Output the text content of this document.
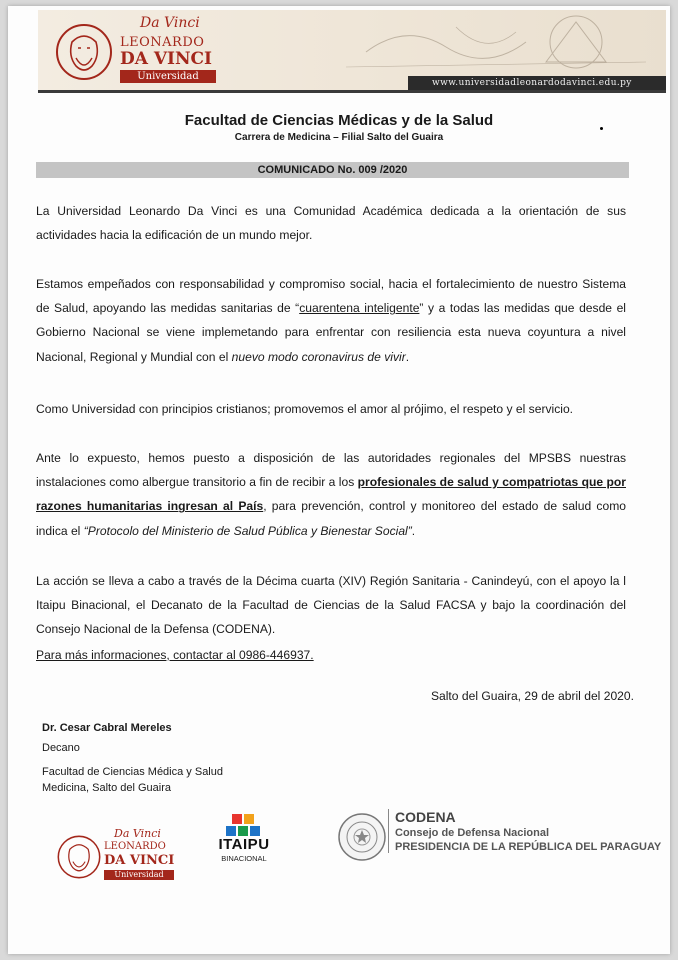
www.universidadleonardodavinci.edu.py
Da Vinci
LEONARDO
DA VINCI
Universidad
Facultad de Ciencias Médicas y de la Salud
Carrera de Medicina – Filial Salto del Guaira
COMUNICADO No. 009 /2020

La Universidad Leonardo Da Vinci es una Comunidad Académica dedicada a la orientación de sus actividades hacia la edificación de un mundo mejor.

Estamos empeñados con responsabilidad y compromiso social, hacia el fortalecimiento de nuestro Sistema de Salud, apoyando las medidas sanitarias de “cuarentena inteligente” y a todas las medidas que desde el Gobierno Nacional se viene implemetando para enfrentar con resiliencia esta nueva coyuntura a nivel Nacional, Regional y Mundial con el nuevo modo coronavirus de vivir.

Como Universidad con principios cristianos; promovemos el amor al prójimo, el respeto y el servicio.

Ante lo expuesto, hemos puesto a disposición de las autoridades regionales del MPSBS nuestras instalaciones como albergue transitorio a fin de recibir a los profesionales de salud y compatriotas que por razones humanitarias ingresan al País, para prevención, control y monitoreo del estado de salud como indica el “Protocolo del Ministerio de Salud Pública y Bienestar Social”.

La acción se lleva a cabo a través de la Décima cuarta (XIV) Región Sanitaria - Canindeyú, con el apoyo la l Itaipu Binacional, el Decanato de la Facultad de Ciencias de la Salud FACSA y bajo la coordinación del Consejo Nacional de la Defensa (CODENA).

Para más informaciones, contactar al 0986-446937.

Salto del Guaira, 29 de abril del 2020.
Dr. Cesar Cabral Mereles
Decano
Facultad de Ciencias Médica y Salud
Medicina, Salto del Guaira
Da Vinci
LEONARDO
DA VINCI
Universidad
ITAIPU
BINACIONAL
CODENA
Consejo de Defensa Nacional
PRESIDENCIA DE LA REPÚBLICA DEL PARAGUAY
